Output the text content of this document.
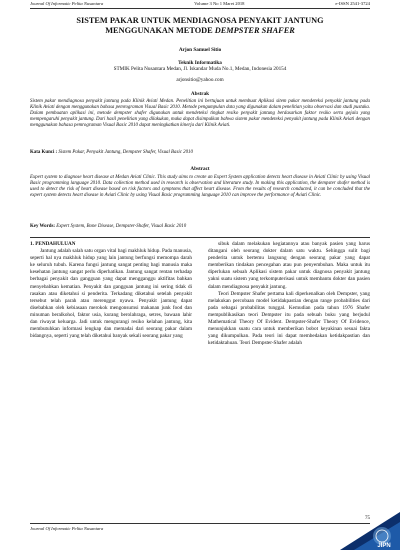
Journal Of Informatic Pelita Nusantara	Volume 3 No 1 Maret 2018	e-ISSN 2541-3724
SISTEM PAKAR UNTUK MENDIAGNOSA PENYAKIT JANTUNG
MENGGUNAKAN METODE DEMPSTER SHAFER
Arjon Samuel Sitio
Teknik Informatika
STMIK Pelita Nusantara Medan, Jl. Iskandar Muda No.1, Medan, Indonesia 20154
arjonsitio@yahoo.com
Abstrak
Sistem pakar mendiagnosa penyakit jantung pada Klinik Aviati Medan. Penelitian ini bertujuan untuk membuat Aplikasi sitem pakar mendeteksi penyakit jantung pada Klinik Aviati dengan menggunakan bahasa pemrograman Visual Basic 2010. Metode pengumpulan data yang digunakan dalam penelitian yaitu observasi dan studi pustaka. Dalam pembuatan aplikasi ini, metode dempster shafer digunakan untuk mendeteksi tingkat resiko penyakit jantung berdasarkan faktor resiko serta gejala yang mempengaruhi penyakit jantung. Dari hasil penelitian yang dilakukan, maka dapat disimpulkan bahwa sistem pakar mendeteksi penyakit jantung pada Klinik Aviati dengan menggunakan bahasa pemrograman Visual Basic 2010 dapat meningkatkan kinerja dari Klinik Aviati.
Kata Kunci : Sistem Pakar, Penyakit Jantung, Dempster Shafer, Visual Basic 2010
Abstract
Expert system to diagnose heart disease at Medan Aviati Clinic. This study aims to create an Expert System application detects heart disease in Aviati Clinic by using Visual Basic programming language 2010. Data collection method used in research is observation and literature study. In making this application, the dempster shafer method is used to detect the risk of heart disease based on risk factors and symptoms that affect heart disease. From the results of research conducted, it can be concluded that the expert system detects heart disease in Aviati Clinic by using Visual Basic programming language 2010 can improve the performance of Aviati Clinic.
Key Words: Expert System, Bone Disease, Dempster-Shafer, Visual Basic 2010
1. PENDAHULUAN

Jantung adalah salah satu organ vital bagi makhluk hidup. Pada manusia, seperti hal nya makhluk hidup yang lain jantung berfungsi memompa darah ke seluruh tubuh. Karena fungsi jantung sangat penting bagi manusia maka kesehatan jantung sangat perlu diperhatikan. Jantung sangat rentan terhadap berbagai penyakit dan gangguan yang dapat mengganggu aktifitas bahkan menyebabkan kematian. Penyakit dan gangguan jantung ini sering tidak di rasakan atau diketahui si penderita. Terkadang diketahui setelah penyakit tersebut telah parah atau merenggut nyawa. Penyakit jantung dapat disebabkan oleh kebiasaan merokok mengonsumsi makanan junk food dan minuman beralkohol, faktor usia, kurang berolahraga, setres, bawaan lahir dan riwayat keluarga. Jadi untuk mengurangi resiko kelahan jantung, kita membutuhkan informasi lengkap dan memadai dari seorang pakar dalam bidangnya, seperti yang telah diketahui banyak sekali seorang pakar yang

sibuk dalam melakukan kegiatannya atau banyak pasien yang harus ditangani oleh seorang dokter dalam satu waktu. Sehingga sulit bagi penderita untuk bertemu langsung dengan seorang pakar yang dapat memberikan tindakan pencegahan atau pun penyembuhan. Maka untuk itu diperlukan sebuah Aplikasi sistem pakar untuk diagnosa penyakit jantung yakni suatu sistem yang terkomputerisasi untuk membantu dokter dan pasien dalam mendiagnosa penyakit jantung.

Teori Dempster Shafer pertama kali diperkenalkan oleh Dempster, yang melakukan percobaan model ketidakpastian dengan range probabilities dari pada sebagai probabilitas tunggal. Kemudian pada tahun 1976 Shafer mempublikasikan teori Dempster itu pada sebuah buku yang berjudul Mathematical Theory Of Evident. Dempster-Shafer Theory Of Evidence, menunjukkan suatu cara untuk memberikan bobot keyakinan sesuai fakta yang dikumpulkan. Pada teori ini dapat membedakan ketidakpastian dan ketidaktahuan. Teori Dempster-Shafer adalah

75
Journal Of Informatic Pelita Nusantara
JIPN
